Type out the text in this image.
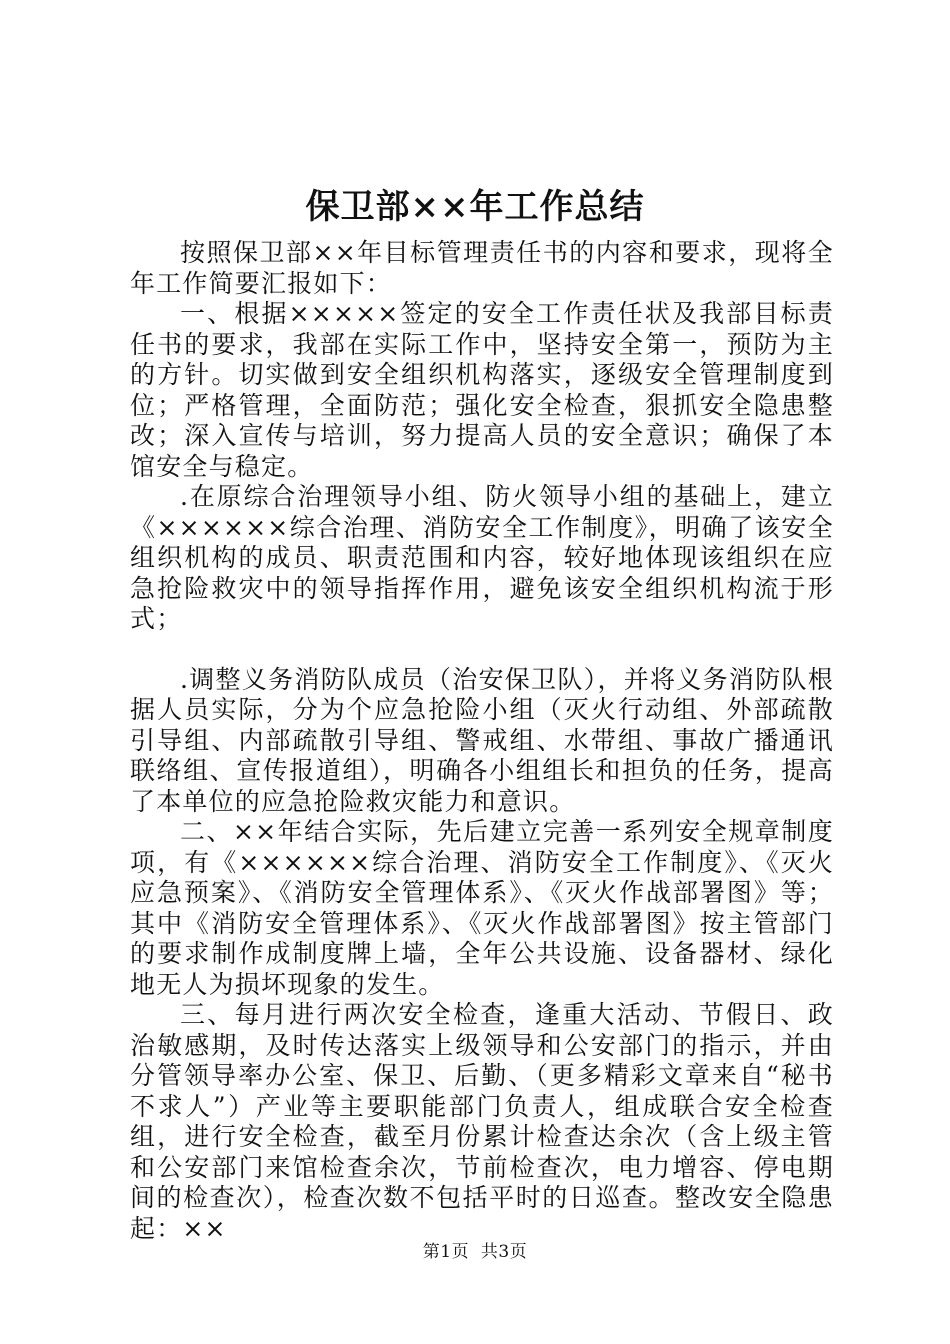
保卫部××年工作总结

按照保卫部××年目标管理责任书的内容和要求，现将全年工作简要汇报如下：

一、根据×××××签定的安全工作责任状及我部目标责任书的要求，我部在实际工作中，坚持安全第一，预防为主的方针。切实做到安全组织机构落实，逐级安全管理制度到位；严格管理，全面防范；强化安全检查，狠抓安全隐患整改；深入宣传与培训，努力提高人员的安全意识；确保了本馆安全与稳定。

.在原综合治理领导小组、防火领导小组的基础上，建立《××××××综合治理、消防安全工作制度》，明确了该安全组织机构的成员、职责范围和内容，较好地体现该组织在应急抢险救灾中的领导指挥作用，避免该安全组织机构流于形式；

.调整义务消防队成员（治安保卫队），并将义务消防队根据人员实际，分为个应急抢险小组（灭火行动组、外部疏散引导组、内部疏散引导组、警戒组、水带组、事故广播通讯联络组、宣传报道组），明确各小组组长和担负的任务，提高了本单位的应急抢险救灾能力和意识。

二、××年结合实际，先后建立完善一系列安全规章制度项，有《××××××综合治理、消防安全工作制度》、《灭火应急预案》、《消防安全管理体系》、《灭火作战部署图》等；其中《消防安全管理体系》、《灭火作战部署图》按主管部门的要求制作成制度牌上墙，全年公共设施、设备器材、绿化地无人为损坏现象的发生。

三、每月进行两次安全检查，逢重大活动、节假日、政治敏感期，及时传达落实上级领导和公安部门的指示，并由分管领导率办公室、保卫、后勤、（更多精彩文章来自“秘书不求人”）产业等主要职能部门负责人，组成联合安全检查组，进行安全检查，截至月份累计检查达余次（含上级主管和公安部门来馆检查余次，节前检查次，电力增容、停电期间的检查次），检查次数不包括平时的日巡查。整改安全隐患起：××

第1页 共3页
